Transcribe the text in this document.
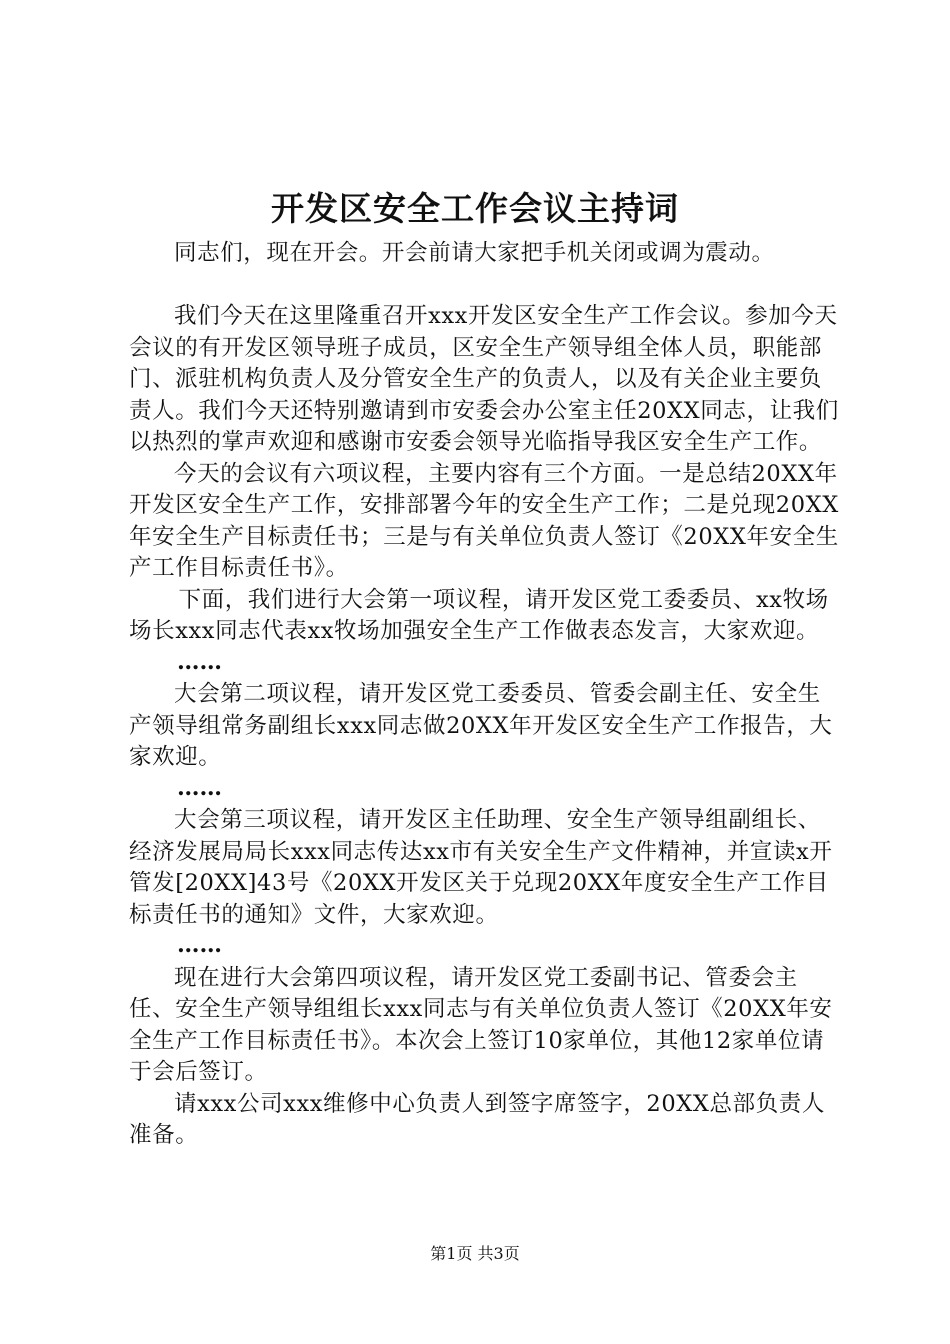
开发区安全工作会议主持词

同志们，现在开会。开会前请大家把手机关闭或调为震动。

我们今天在这里隆重召开xxx开发区安全生产工作会议。参加今天会议的有开发区领导班子成员，区安全生产领导组全体人员，职能部门、派驻机构负责人及分管安全生产的负责人，以及有关企业主要负责人。我们今天还特别邀请到市安委会办公室主任20XX同志，让我们以热烈的掌声欢迎和感谢市安委会领导光临指导我区安全生产工作。

今天的会议有六项议程，主要内容有三个方面。一是总结20XX年开发区安全生产工作，安排部署今年的安全生产工作；二是兑现20XX年安全生产目标责任书；三是与有关单位负责人签订《20XX年安全生产工作目标责任书》。

下面，我们进行大会第一项议程，请开发区党工委委员、xx牧场场长xxx同志代表xx牧场加强安全生产工作做表态发言，大家欢迎。

……

大会第二项议程，请开发区党工委委员、管委会副主任、安全生产领导组常务副组长xxx同志做20XX年开发区安全生产工作报告，大家欢迎。

……

大会第三项议程，请开发区主任助理、安全生产领导组副组长、经济发展局局长xxx同志传达xx市有关安全生产文件精神，并宣读x开管发[20XX]43号《20XX开发区关于兑现20XX年度安全生产工作目标责任书的通知》文件，大家欢迎。

……

现在进行大会第四项议程，请开发区党工委副书记、管委会主任、安全生产领导组组长xxx同志与有关单位负责人签订《20XX年安全生产工作目标责任书》。本次会上签订10家单位，其他12家单位请于会后签订。

请xxx公司xxx维修中心负责人到签字席签字，20XX总部负责人准备。

第1页 共3页
